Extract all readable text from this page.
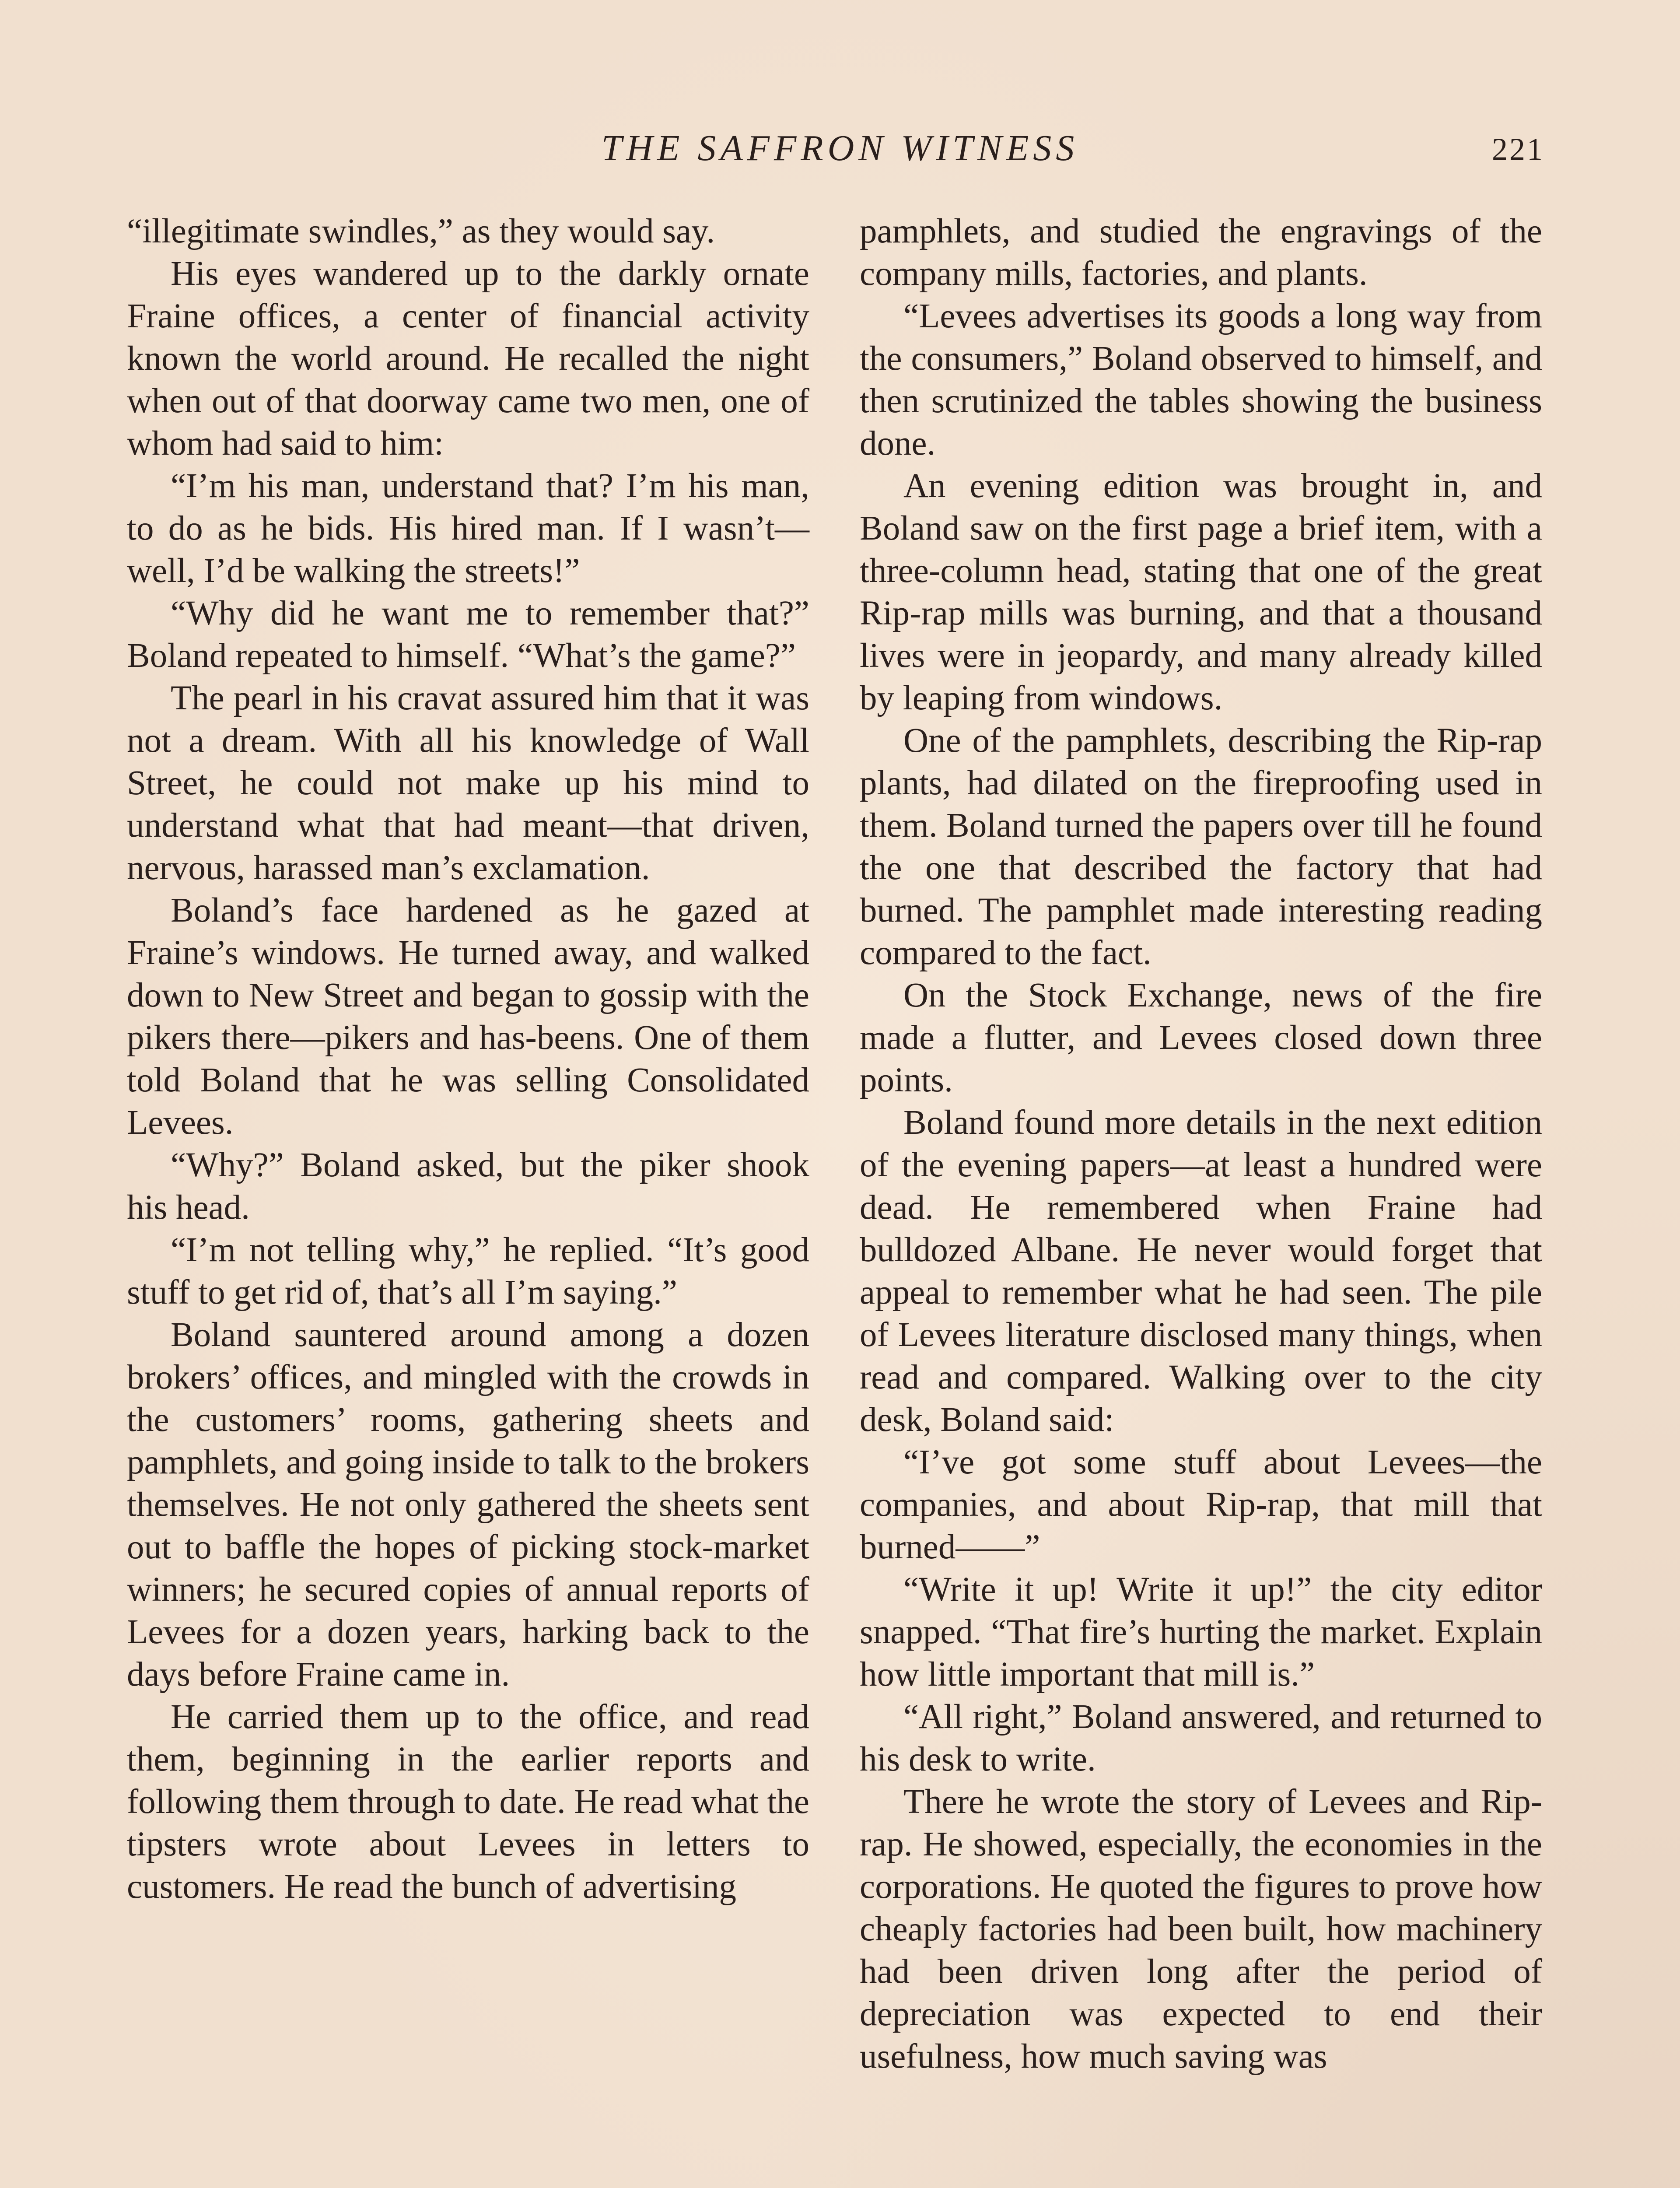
THE SAFFRON WITNESS	221

“illegitimate swindles,” as they would say.

His eyes wandered up to the darkly ornate Fraine offices, a center of financial activity known the world around. He recalled the night when out of that doorway came two men, one of whom had said to him:

“I’m his man, understand that? I’m his man, to do as he bids. His hired man. If I wasn’t—well, I’d be walking the streets!”

“Why did he want me to remember that?” Boland repeated to himself. “What’s the game?”

The pearl in his cravat assured him that it was not a dream. With all his knowledge of Wall Street, he could not make up his mind to understand what that had meant—that driven, nervous, harassed man’s exclamation.

Boland’s face hardened as he gazed at Fraine’s windows. He turned away, and walked down to New Street and began to gossip with the pikers there—pikers and has-beens. One of them told Boland that he was selling Consolidated Levees.

“Why?” Boland asked, but the piker shook his head.

“I’m not telling why,” he replied. “It’s good stuff to get rid of, that’s all I’m saying.”

Boland sauntered around among a dozen brokers’ offices, and mingled with the crowds in the customers’ rooms, gathering sheets and pamphlets, and going inside to talk to the brokers themselves. He not only gathered the sheets sent out to baffle the hopes of picking stock-market winners; he secured copies of annual reports of Levees for a dozen years, harking back to the days before Fraine came in.

He carried them up to the office, and read them, beginning in the earlier reports and following them through to date. He read what the tipsters wrote about Levees in letters to customers. He read the bunch of advertising

pamphlets, and studied the engravings of the company mills, factories, and plants.

“Levees advertises its goods a long way from the consumers,” Boland observed to himself, and then scrutinized the tables showing the business done.

An evening edition was brought in, and Boland saw on the first page a brief item, with a three-column head, stating that one of the great Rip-rap mills was burning, and that a thousand lives were in jeopardy, and many already killed by leaping from windows.

One of the pamphlets, describing the Rip-rap plants, had dilated on the fireproofing used in them. Boland turned the papers over till he found the one that described the factory that had burned. The pamphlet made interesting reading compared to the fact.

On the Stock Exchange, news of the fire made a flutter, and Levees closed down three points.

Boland found more details in the next edition of the evening papers—at least a hundred were dead. He remembered when Fraine had bulldozed Albane. He never would forget that appeal to remember what he had seen. The pile of Levees literature disclosed many things, when read and compared. Walking over to the city desk, Boland said:

“I’ve got some stuff about Levees—the companies, and about Rip-rap, that mill that burned——”

“Write it up! Write it up!” the city editor snapped. “That fire’s hurting the market. Explain how little important that mill is.”

“All right,” Boland answered, and returned to his desk to write.

There he wrote the story of Levees and Rip-rap. He showed, especially, the economies in the corporations. He quoted the figures to prove how cheaply factories had been built, how machinery had been driven long after the period of depreciation was expected to end their usefulness, how much saving was
